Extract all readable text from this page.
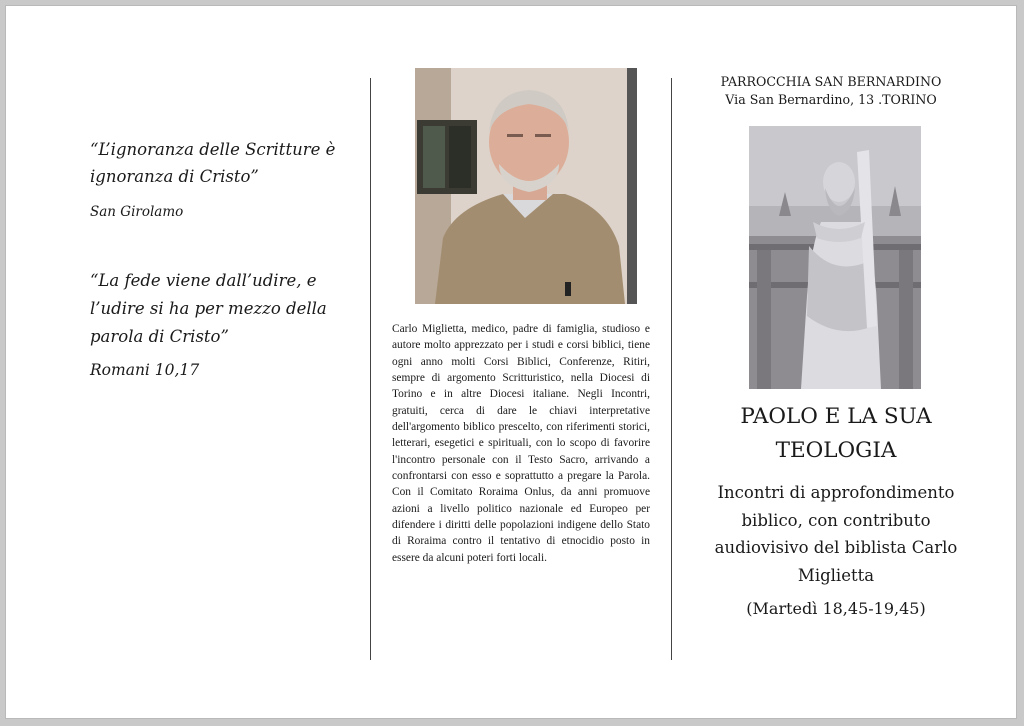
“L’ignoranza delle Scritture è ignoranza di Cristo”
San Girolamo
“La fede viene dall’udire, e l’udire si ha per mezzo della parola di Cristo”
Romani 10,17
Carlo Miglietta, medico, padre di famiglia, studioso e autore molto apprezzato per i studi e corsi biblici, tiene ogni anno molti Corsi Biblici, Conferenze, Ritiri, sempre di argomento Scritturistico, nella Diocesi di Torino e in altre Diocesi italiane. Negli Incontri, gratuiti, cerca di dare le chiavi interpretative dell'argomento biblico prescelto, con riferimenti storici, letterari, esegetici e spirituali, con lo scopo di favorire l'incontro personale con il Testo Sacro, arrivando a confrontarsi con esso e soprattutto a pregare la Parola. Con il Comitato Roraima Onlus, da anni promuove azioni a livello politico nazionale ed Europeo per difendere i diritti delle popolazioni indigene dello Stato di Roraima contro il tentativo di etnocidio posto in essere da alcuni poteri forti locali.
PARROCCHIA SAN BERNARDINO
Via San Bernardino, 13 .TORINO
PAOLO E LA SUA TEOLOGIA
Incontri di approfondimento biblico, con contributo audiovisivo del biblista Carlo Miglietta
(Martedì 18,45-19,45)
